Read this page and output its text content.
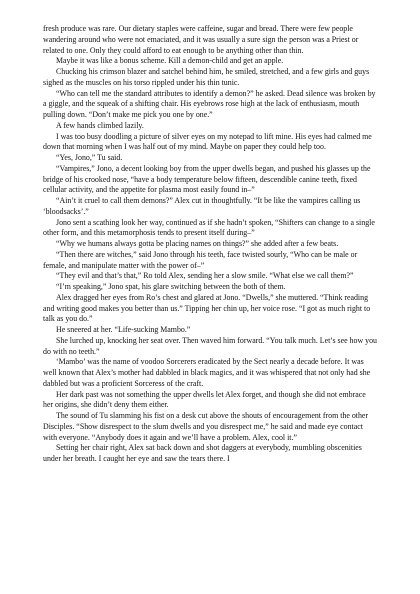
fresh produce was rare. Our dietary staples were caffeine, sugar and bread. There were few people wandering around who were not emaciated, and it was usually a sure sign the person was a Priest or related to one. Only they could afford to eat enough to be anything other than thin.

Maybe it was like a bonus scheme. Kill a demon-child and get an apple.

Chucking his crimson blazer and satchel behind him, he smiled, stretched, and a few girls and guys sighed as the muscles on his torso rippled under his thin tunic.

“Who can tell me the standard attributes to identify a demon?” he asked. Dead silence was broken by a giggle, and the squeak of a shifting chair. His eyebrows rose high at the lack of enthusiasm, mouth pulling down. “Don’t make me pick you one by one.”

A few hands climbed lazily.

I was too busy doodling a picture of silver eyes on my notepad to lift mine. His eyes had calmed me down that morning when I was half out of my mind. Maybe on paper they could help too.

“Yes, Jono,” Tu said.

“Vampires,” Jono, a decent looking boy from the upper dwells began, and pushed his glasses up the bridge of his crooked nose, “have a body temperature below fifteen, descendible canine teeth, fixed cellular activity, and the appetite for plasma most easily found in–”

“Ain’t it cruel to call them demons?” Alex cut in thoughtfully. “It be like the vampires calling us ‘bloodsacks’.”

Jono sent a scathing look her way, continued as if she hadn’t spoken, “Shifters can change to a single other form, and this metamorphosis tends to present itself during–”

“Why we humans always gotta be placing names on things?” she added after a few beats.

“Then there are witches,” said Jono through his teeth, face twisted sourly, “Who can be male or female, and manipulate matter with the power of–”

“They evil and that’s that,” Ro told Alex, sending her a slow smile. “What else we call them?”

“I’m speaking,” Jono spat, his glare switching between the both of them.

Alex dragged her eyes from Ro’s chest and glared at Jono. “Dwells,” she muttered. “Think reading and writing good makes you better than us.” Tipping her chin up, her voice rose. “I got as much right to talk as you do.”

He sneered at her. “Life-sucking Mambo.”

She lurched up, knocking her seat over. Then waved him forward. “You talk much. Let’s see how you do with no teeth.”

‘Mambo’ was the name of voodoo Sorcerers eradicated by the Sect nearly a decade before. It was well known that Alex’s mother had dabbled in black magics, and it was whispered that not only had she dabbled but was a proficient Sorceress of the craft.

Her dark past was not something the upper dwells let Alex forget, and though she did not embrace her origins, she didn’t deny them either.

The sound of Tu slamming his fist on a desk cut above the shouts of encouragement from the other Disciples. “Show disrespect to the slum dwells and you disrespect me,” he said and made eye contact with everyone. “Anybody does it again and we’ll have a problem. Alex, cool it.”

Setting her chair right, Alex sat back down and shot daggers at everybody, mumbling obscenities under her breath. I caught her eye and saw the tears there. I
